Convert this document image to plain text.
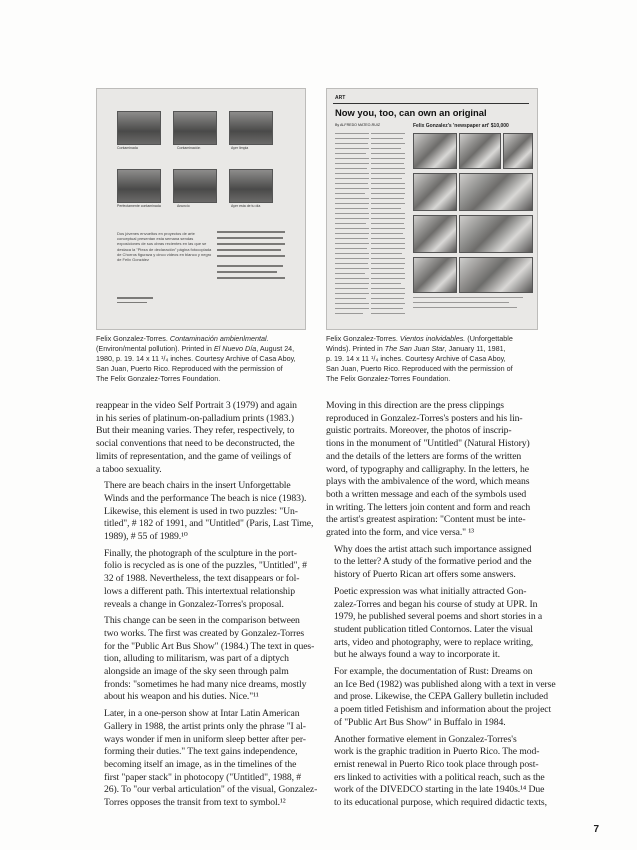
Contaminada	Contaminación	Ayer limpia
Perfectamente contaminada	Anuncio	Ayer esta de tu día
Dos jóvenes envueltos en proyectos de arte conceptual presentan esta semana sendas exposiciones de sus obras recientes en las que se destaca la "Pieza de declaración" página fotocopiada de Chorros figuraza y cinco videos en blanco y negro de Felix González
ART
Now you, too, can own an original
Felix Gonzalez's 'newspaper art' $10,000
By ALFREDO MATEO-RUIZ
Felix Gonzalez-Torres. Contaminación ambienlmental.
(Environ/mental pollution). Printed in El Nuevo Día, August 24,
1980, p. 19. 14 x 11 ¹/₄ inches. Courtesy Archive of Casa Aboy,
San Juan, Puerto Rico. Reproduced with the permission of
The Felix Gonzalez-Torres Foundation.
Felix Gonzalez-Torres. Vientos inolvidables. (Unforgettable
Winds). Printed in The San Juan Star, January 11, 1981,
p. 19. 14 x 11 ¹/₄ inches. Courtesy Archive of Casa Aboy,
San Juan, Puerto Rico. Reproduced with the permission of
The Felix Gonzalez-Torres Foundation.

reappear in the video Self Portrait 3 (1979) and again
in his series of platinum-on-palladium prints (1983.)
But their meaning varies. They refer, respectively, to
social conventions that need to be deconstructed, the
limits of representation, and the game of veilings of
a taboo sexuality.

There are beach chairs in the insert Unforgettable
Winds and the performance The beach is nice (1983).
Likewise, this element is used in two puzzles: "Un-
titled", # 182 of 1991, and "Untitled" (Paris, Last Time,
1989), # 55 of 1989.¹⁰

Finally, the photograph of the sculpture in the port-
folio is recycled as is one of the puzzles, "Untitled", #
32 of 1988. Nevertheless, the text disappears or fol-
lows a different path. This intertextual relationship
reveals a change in Gonzalez-Torres's proposal.

This change can be seen in the comparison between
two works. The first was created by Gonzalez-Torres
for the "Public Art Bus Show" (1984.) The text in ques-
tion, alluding to militarism, was part of a diptych
alongside an image of the sky seen through palm
fronds: "sometimes he had many nice dreams, mostly
about his weapon and his duties. Nice."¹¹

Later, in a one-person show at Intar Latin American
Gallery in 1988, the artist prints only the phrase "I al-
ways wonder if men in uniform sleep better after per-
forming their duties." The text gains independence,
becoming itself an image, as in the timelines of the
first "paper stack" in photocopy ("Untitled", 1988, #
26). To "our verbal articulation" of the visual, Gonzalez-
Torres opposes the transit from text to symbol.¹²

Moving in this direction are the press clippings
reproduced in Gonzalez-Torres's posters and his lin-
guistic portraits. Moreover, the photos of inscrip-
tions in the monument of "Untitled" (Natural History)
and the details of the letters are forms of the written
word, of typography and calligraphy. In the letters, he
plays with the ambivalence of the word, which means
both a written message and each of the symbols used
in writing. The letters join content and form and reach
the artist's greatest aspiration: "Content must be inte-
grated into the form, and vice versa." ¹³

Why does the artist attach such importance assigned
to the letter? A study of the formative period and the
history of Puerto Rican art offers some answers.

Poetic expression was what initially attracted Gon-
zalez-Torres and began his course of study at UPR. In
1979, he published several poems and short stories in a
student publication titled Contornos. Later the visual
arts, video and photography, were to replace writing,
but he always found a way to incorporate it.

For example, the documentation of Rust: Dreams on
an Ice Bed (1982) was published along with a text in verse
and prose. Likewise, the CEPA Gallery bulletin included
a poem titled Fetishism and information about the project
of "Public Art Bus Show" in Buffalo in 1984.

Another formative element in Gonzalez-Torres's
work is the graphic tradition in Puerto Rico. The mod-
ernist renewal in Puerto Rico took place through post-
ers linked to activities with a political reach, such as the
work of the DIVEDCO starting in the late 1940s.¹⁴ Due
to its educational purpose, which required didactic texts,

7
